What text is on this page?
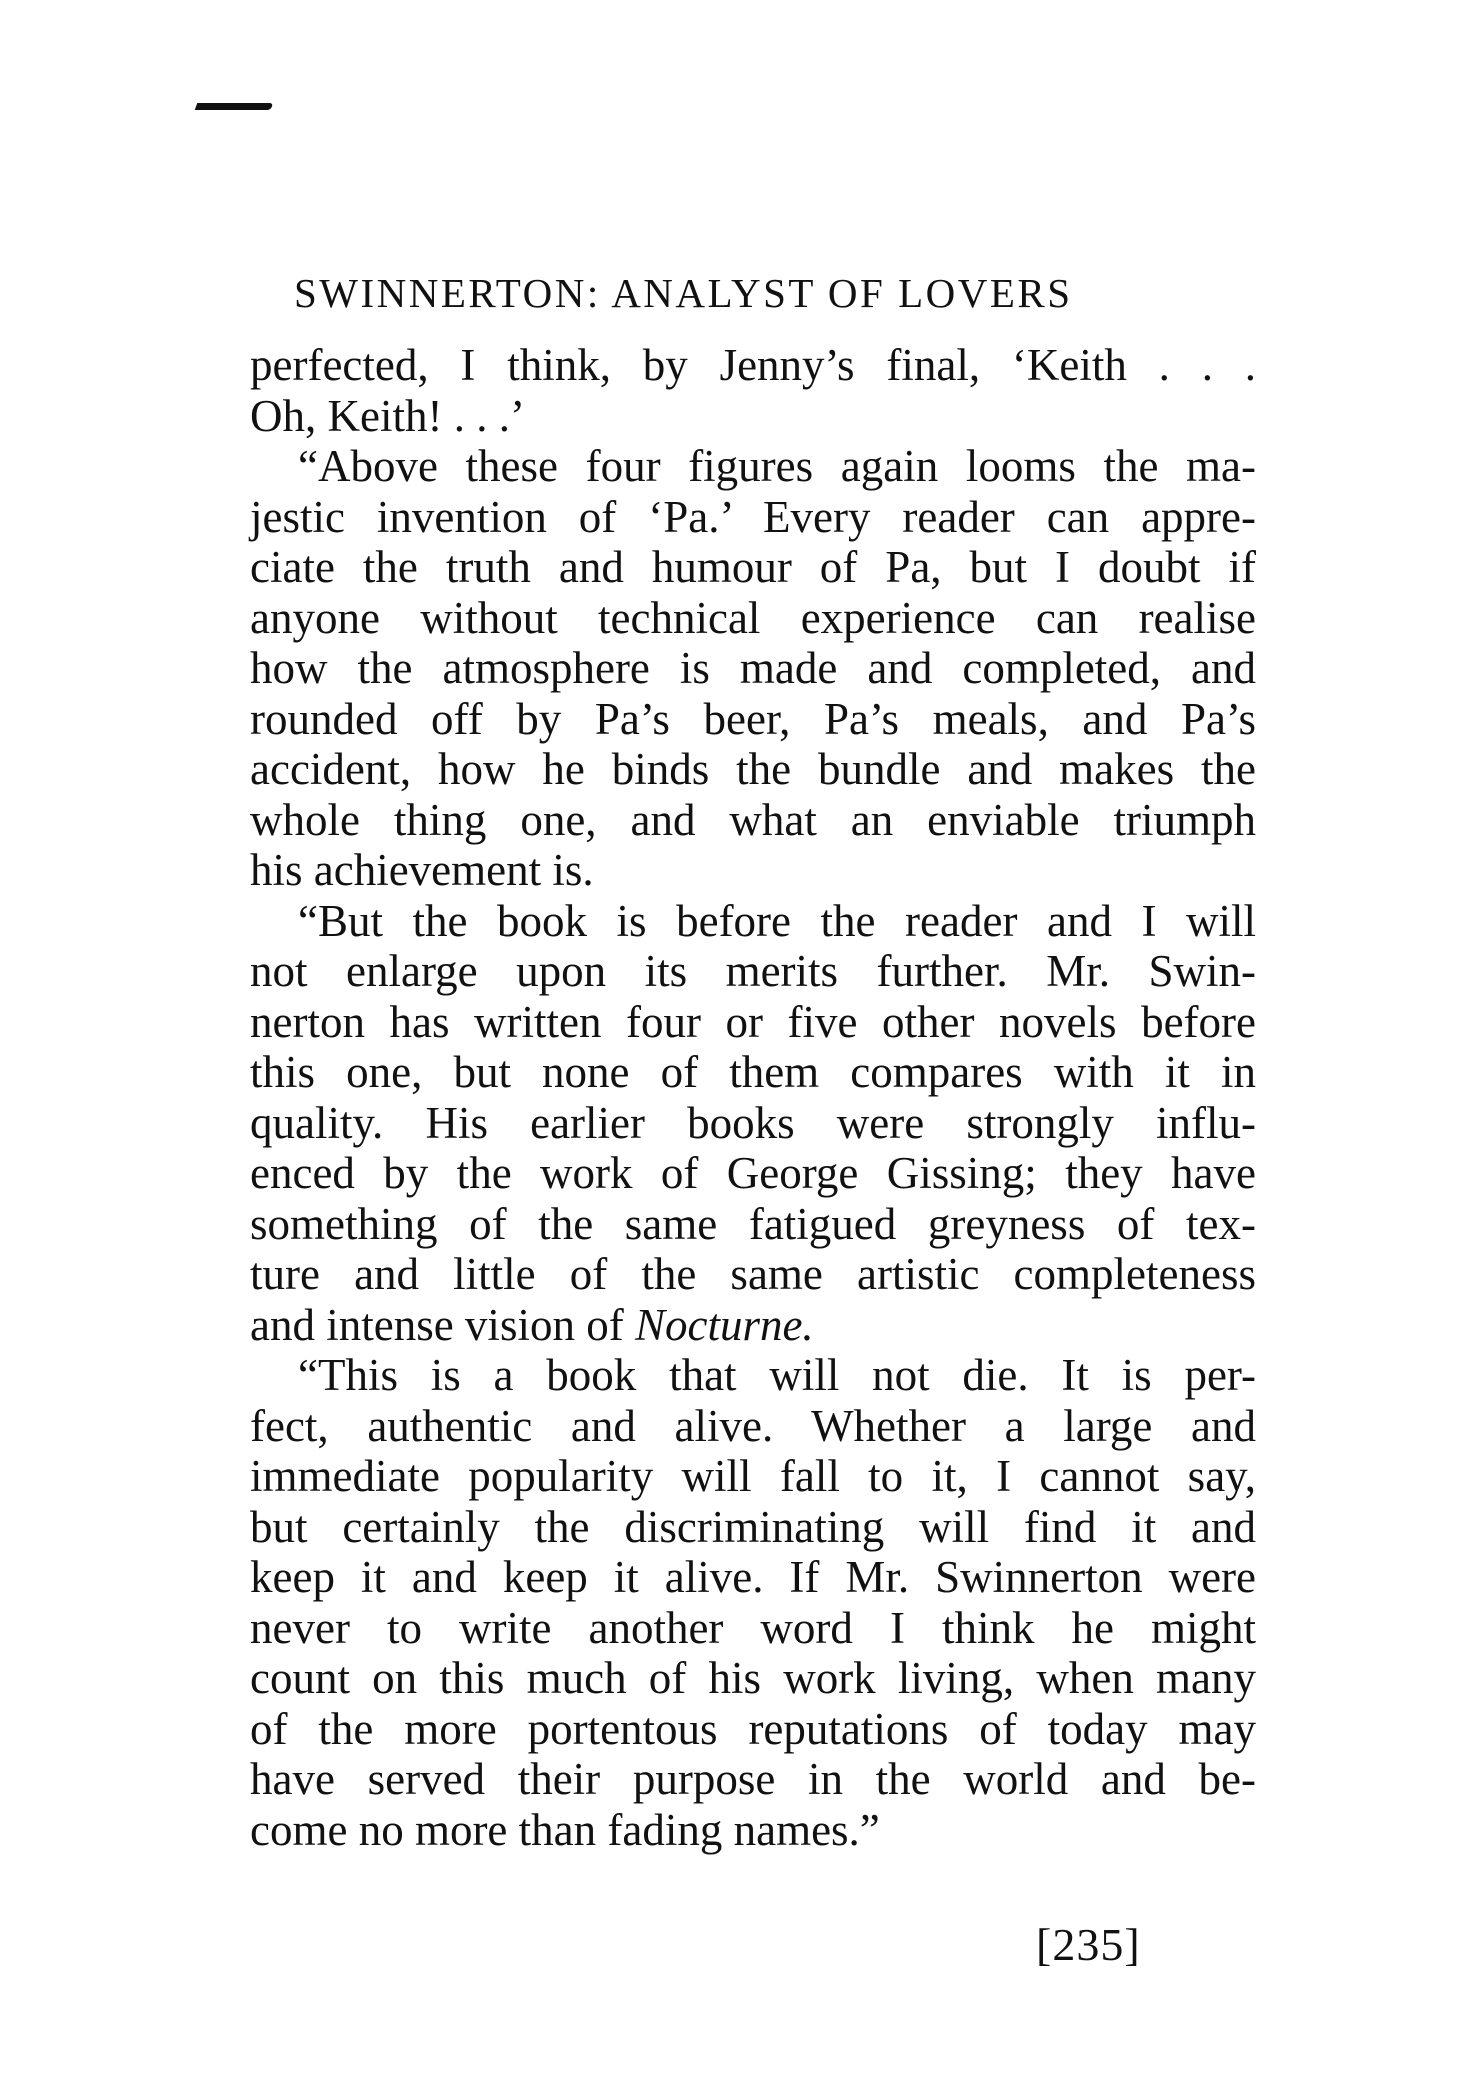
SWINNERTON: ANALYST OF LOVERS
perfected, I think, by Jenny’s final, ‘Keith . . .
Oh, Keith! . . .’
“Above these four figures again looms the ma-
jestic invention of ‘Pa.’ Every reader can appre-
ciate the truth and humour of Pa, but I doubt if
anyone without technical experience can realise
how the atmosphere is made and completed, and
rounded off by Pa’s beer, Pa’s meals, and Pa’s
accident, how he binds the bundle and makes the
whole thing one, and what an enviable triumph
his achievement is.
“But the book is before the reader and I will
not enlarge upon its merits further. Mr. Swin-
nerton has written four or five other novels before
this one, but none of them compares with it in
quality. His earlier books were strongly influ-
enced by the work of George Gissing; they have
something of the same fatigued greyness of tex-
ture and little of the same artistic completeness
and intense vision of Nocturne.
“This is a book that will not die. It is per-
fect, authentic and alive. Whether a large and
immediate popularity will fall to it, I cannot say,
but certainly the discriminating will find it and
keep it and keep it alive. If Mr. Swinnerton were
never to write another word I think he might
count on this much of his work living, when many
of the more portentous reputations of today may
have served their purpose in the world and be-
come no more than fading names.”
[235]
